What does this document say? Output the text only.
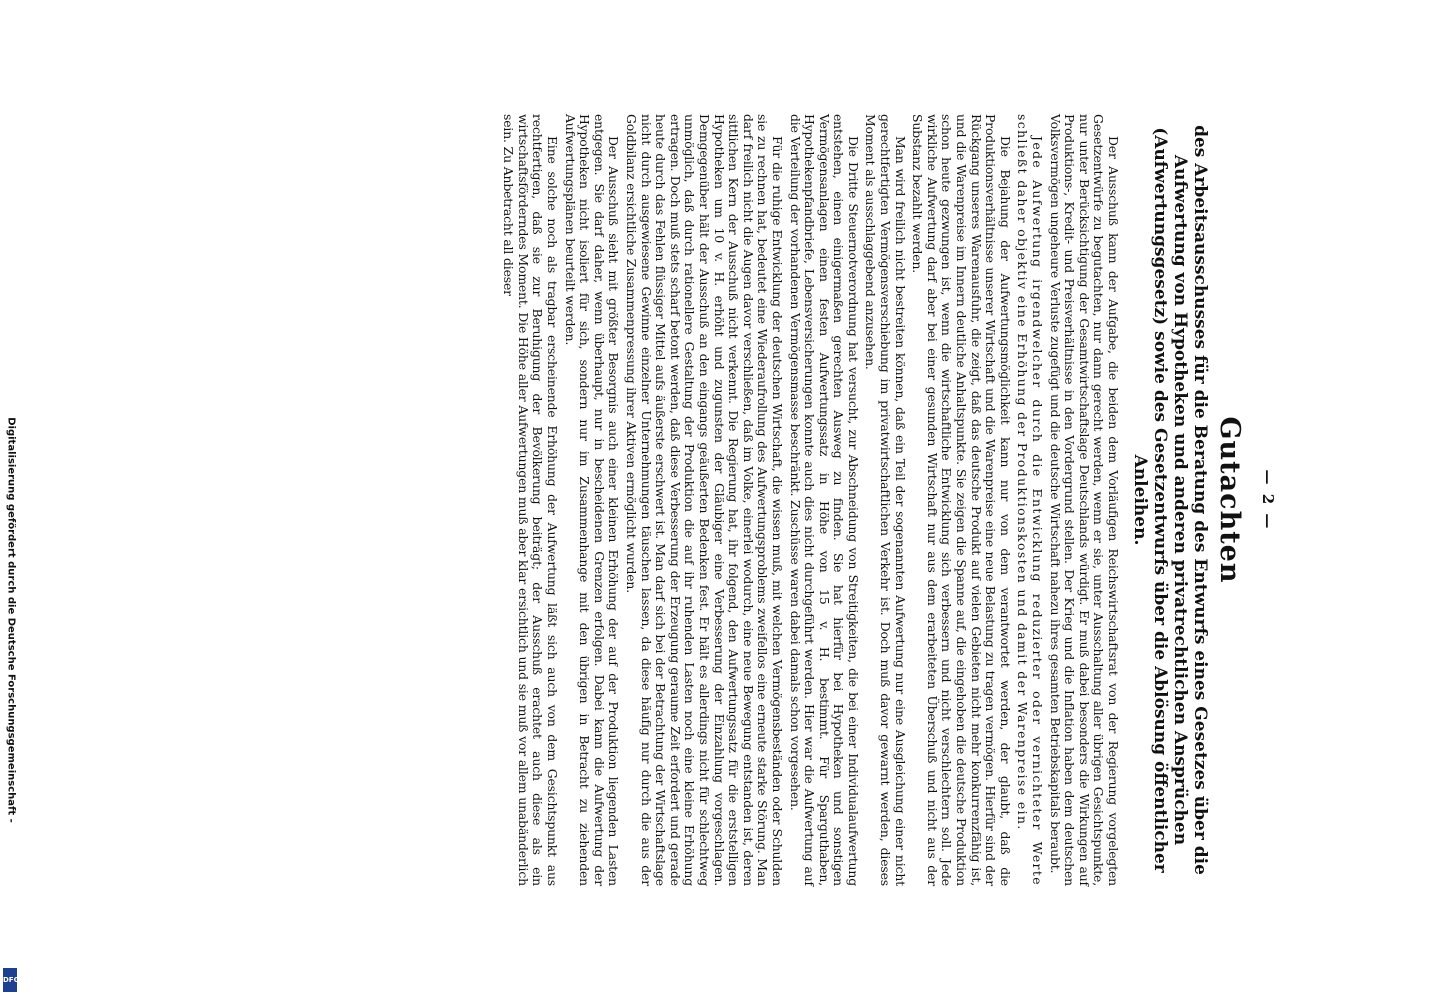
— 2 —
Gutachten
des Arbeitsausschusses für die Beratung des Entwurfs eines Gesetzes über die Aufwertung von Hypotheken und anderen privatrechtlichen Ansprüchen (Aufwertungsgesetz) sowie des Gesetzentwurfs über die Ablösung öffentlicher Anleihen.

Der Ausschuß kann der Aufgabe, die beiden dem Vorläufigen Reichswirtschaftsrat von der Regierung vorgelegten Gesetzentwürfe zu begutachten, nur dann gerecht werden, wenn er sie, unter Ausschaltung aller übrigen Gesichtspunkte, nur unter Berücksichtigung der Gesamtwirtschaftslage Deutschlands würdigt. Er muß dabei besonders die Wirkungen auf Produktions-, Kredit- und Preisverhältnisse in den Vordergrund stellen. Der Krieg und die Inflation haben dem deutschen Volksvermögen ungeheure Verluste zugefügt und die deutsche Wirtschaft nahezu ihres gesamten Betriebskapitals beraubt.

Jede Aufwertung irgendwelcher durch die Entwicklung reduzierter oder vernichteter Werte schließt daher objektiv eine Erhöhung der Produktionskosten und damit der Warenpreise ein.

Die Bejahung der Aufwertungsmöglichkeit kann nur von dem verantwortet werden, der glaubt, daß die Produktionsverhältnisse unserer Wirtschaft und die Warenpreise eine neue Belastung zu tragen vermögen. Hierfür sind der Rückgang unseres Warenausfuhr, die zeigt, daß das deutsche Produkt auf vielen Gebieten nicht mehr konkurrenzfähig ist, und die Warenpreise im Innern deutliche Anhaltspunkte. Sie zeigen die Spanne auf, die eingehoben die deutsche Produktion schon heute gezwungen ist, wenn die wirtschaftliche Entwicklung sich verbessern und nicht verschlechtern soll. Jede wirkliche Aufwertung darf aber bei einer gesunden Wirtschaft nur aus dem erarbeiteten Überschuß und nicht aus der Substanz bezahlt werden.

Man wird freilich nicht bestreiten können, daß ein Teil der sogenannten Aufwertung nur eine Ausgleichung einer nicht gerechtfertigten Vermögensverschiebung im privatwirtschaftlichen Verkehr ist. Doch muß davor gewarnt werden, dieses Moment als ausschlaggebend anzusehen.

Die Dritte Steuernotverordnung hat versucht, zur Abschneidung von Streitigkeiten, die bei einer Individualaufwertung entstehen, einen einigermaßen gerechten Ausweg zu finden. Sie hat hierfür bei Hypotheken und sonstigen Vermögensanlagen einen festen Aufwertungssatz in Höhe von 15 v. H. bestimmt. Für Sparguthaben, Hypothekenpfandbriefe, Lebensversicherungen konnte auch dies nicht durchgeführt werden. Hier war die Aufwertung auf die Verteilung der vorhandenen Vermögensmasse beschränkt. Zuschüsse waren dabei damals schon vorgesehen.

Für die ruhige Entwicklung der deutschen Wirtschaft, die wissen muß, mit welchen Vermögensbeständen oder Schulden sie zu rechnen hat, bedeutet eine Wiederaufrollung des Aufwertungsproblems zweifellos eine erneute starke Störung. Man darf freilich nicht die Augen davor verschließen, daß im Volke, einerlei wodurch, eine neue Bewegung entstanden ist, deren sittlichen Kern der Ausschuß nicht verkennt. Die Regierung hat, ihr folgend, den Aufwertungssatz für die erststelligen Hypotheken um 10 v. H. erhöht und zugunsten der Gläubiger eine Verbesserung der Einzahlung vorgeschlagen. Demgegenüber hält der Ausschuß an den eingangs geäußerten Bedenken fest. Er hält es allerdings nicht für schlechtweg unmöglich, daß durch rationellere Gestaltung der Produktion die auf ihr ruhenden Lasten noch eine kleine Erhöhung ertragen. Doch muß stets scharf betont werden, daß diese Verbesserung der Erzeugung geraume Zeit erfordert und gerade heute durch das Fehlen flüssiger Mittel aufs äußerste erschwert ist. Man darf sich bei der Betrachtung der Wirtschaftslage nicht durch ausgewiesene Gewinne einzelner Unternehmungen täuschen lassen, da diese häufig nur durch die aus der Goldbilanz ersichtliche Zusammenpressung ihrer Aktiven ermöglicht wurden.

Der Ausschuß sieht mit größter Besorgnis auch einer kleinen Erhöhung der auf der Produktion liegenden Lasten entgegen. Sie darf daher, wenn überhaupt, nur in bescheidenen Grenzen erfolgen. Dabei kann die Aufwertung der Hypotheken nicht isoliert für sich, sondern nur im Zusammenhange mit den übrigen in Betracht zu ziehenden Aufwertungsplänen beurteilt werden.

Eine solche noch als tragbar erscheinende Erhöhung der Aufwertung läßt sich auch von dem Gesichtspunkt aus rechtfertigen, daß sie zur Beruhigung der Bevölkerung beiträgt; der Ausschuß erachtet auch diese als ein wirtschaftsförderndes Moment. Die Höhe aller Aufwertungen muß aber klar ersichtlich und sie muß vor allem unabänderlich sein. Zu Anbetracht all dieser

Digitalisierung gefördert durch die Deutsche Forschungsgemeinschaft -
DFG
